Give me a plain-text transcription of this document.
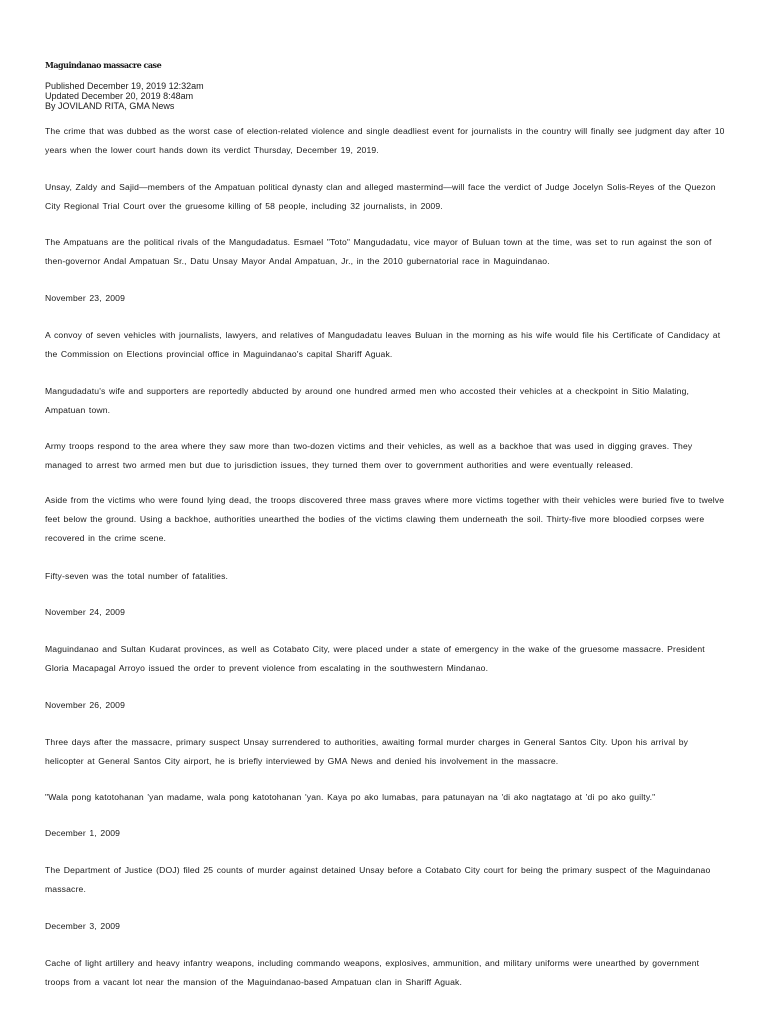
Maguindanao massacre case
Published December 19, 2019 12:32am
Updated December 20, 2019 8:48am
By JOVILAND RITA, GMA News

The crime that was dubbed as the worst case of election-related violence and single deadliest event for journalists in the country will finally see judgment day after 10 years when the lower court hands down its verdict Thursday, December 19, 2019.

Unsay, Zaldy and Sajid—members of the Ampatuan political dynasty clan and alleged mastermind—will face the verdict of Judge Jocelyn Solis-Reyes of the Quezon City Regional Trial Court over the gruesome killing of 58 people, including 32 journalists, in 2009.

The Ampatuans are the political rivals of the Mangudadatus. Esmael "Toto" Mangudadatu, vice mayor of Buluan town at the time, was set to run against the son of then-governor Andal Ampatuan Sr., Datu Unsay Mayor Andal Ampatuan, Jr., in the 2010 gubernatorial race in Maguindanao.

November 23, 2009

A convoy of seven vehicles with journalists, lawyers, and relatives of Mangudadatu leaves Buluan in the morning as his wife would file his Certificate of Candidacy at the Commission on Elections provincial office in Maguindanao's capital Shariff Aguak.

Mangudadatu's wife and supporters are reportedly abducted by around one hundred armed men who accosted their vehicles at a checkpoint in Sitio Malating, Ampatuan town.

Army troops respond to the area where they saw more than two-dozen victims and their vehicles, as well as a backhoe that was used in digging graves. They managed to arrest two armed men but due to jurisdiction issues, they turned them over to government authorities and were eventually released.

Aside from the victims who were found lying dead, the troops discovered three mass graves where more victims together with their vehicles were buried five to twelve feet below the ground. Using a backhoe, authorities unearthed the bodies of the victims clawing them underneath the soil. Thirty-five more bloodied corpses were recovered in the crime scene.

Fifty-seven was the total number of fatalities.

November 24, 2009

Maguindanao and Sultan Kudarat provinces, as well as Cotabato City, were placed under a state of emergency in the wake of the gruesome massacre. President Gloria Macapagal Arroyo issued the order to prevent violence from escalating in the southwestern Mindanao.

November 26, 2009

Three days after the massacre, primary suspect Unsay surrendered to authorities, awaiting formal murder charges in General Santos City. Upon his arrival by helicopter at General Santos City airport, he is briefly interviewed by GMA News and denied his involvement in the massacre.

"Wala pong katotohanan 'yan madame, wala pong katotohanan 'yan. Kaya po ako lumabas, para patunayan na 'di ako nagtatago at 'di po ako guilty."

December 1, 2009

The Department of Justice (DOJ) filed 25 counts of murder against detained Unsay before a Cotabato City court for being the primary suspect of the Maguindanao massacre.

December 3, 2009

Cache of light artillery and heavy infantry weapons, including commando weapons, explosives, ammunition, and military uniforms were unearthed by government troops from a vacant lot near the mansion of the Maguindanao-based Ampatuan clan in Shariff Aguak.
